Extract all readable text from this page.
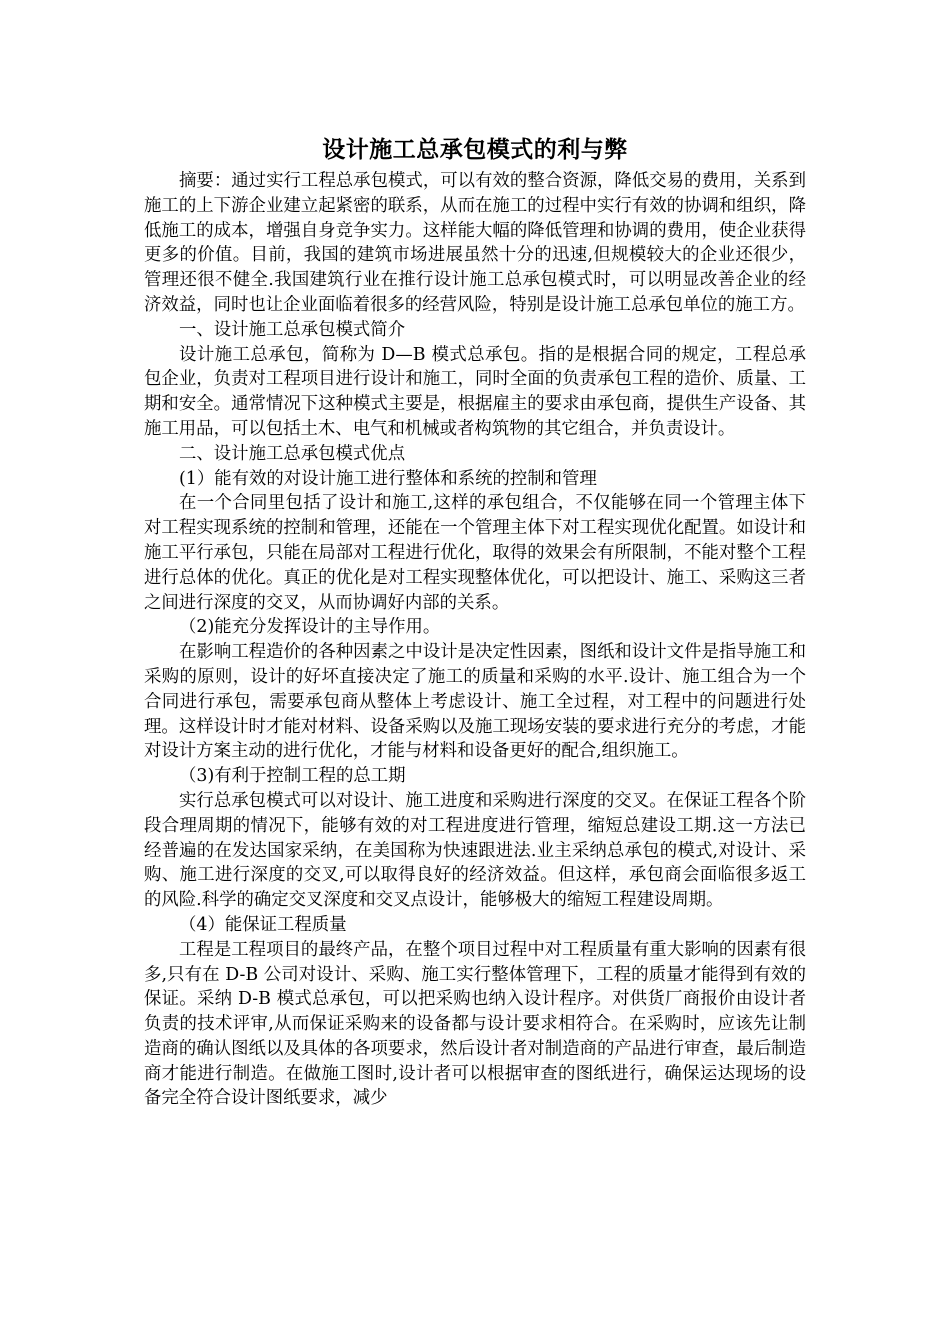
设计施工总承包模式的利与弊

摘要：通过实行工程总承包模式，可以有效的整合资源，降低交易的费用，关系到施工的上下游企业建立起紧密的联系，从而在施工的过程中实行有效的协调和组织，降低施工的成本，增强自身竞争实力。这样能大幅的降低管理和协调的费用，使企业获得更多的价值。目前，我国的建筑市场进展虽然十分的迅速,但规模较大的企业还很少，管理还很不健全.我国建筑行业在推行设计施工总承包模式时，可以明显改善企业的经济效益，同时也让企业面临着很多的经营风险，特别是设计施工总承包单位的施工方。

一、设计施工总承包模式简介

设计施工总承包，简称为 D—B 模式总承包。指的是根据合同的规定，工程总承包企业，负责对工程项目进行设计和施工，同时全面的负责承包工程的造价、质量、工期和安全。通常情况下这种模式主要是，根据雇主的要求由承包商，提供生产设备、其施工用品，可以包括土木、电气和机械或者构筑物的其它组合，并负责设计。

二、设计施工总承包模式优点

(1）能有效的对设计施工进行整体和系统的控制和管理

在一个合同里包括了设计和施工,这样的承包组合，不仅能够在同一个管理主体下对工程实现系统的控制和管理，还能在一个管理主体下对工程实现优化配置。如设计和施工平行承包，只能在局部对工程进行优化，取得的效果会有所限制，不能对整个工程进行总体的优化。真正的优化是对工程实现整体优化，可以把设计、施工、采购这三者之间进行深度的交叉，从而协调好内部的关系。

（2)能充分发挥设计的主导作用。

在影响工程造价的各种因素之中设计是决定性因素，图纸和设计文件是指导施工和采购的原则，设计的好坏直接决定了施工的质量和采购的水平.设计、施工组合为一个合同进行承包，需要承包商从整体上考虑设计、施工全过程，对工程中的问题进行处理。这样设计时才能对材料、设备采购以及施工现场安装的要求进行充分的考虑，才能对设计方案主动的进行优化，才能与材料和设备更好的配合,组织施工。

（3)有利于控制工程的总工期

实行总承包模式可以对设计、施工进度和采购进行深度的交叉。在保证工程各个阶段合理周期的情况下，能够有效的对工程进度进行管理，缩短总建设工期.这一方法已经普遍的在发达国家采纳，在美国称为快速跟进法.业主采纳总承包的模式,对设计、采购、施工进行深度的交叉,可以取得良好的经济效益。但这样，承包商会面临很多返工的风险.科学的确定交叉深度和交叉点设计，能够极大的缩短工程建设周期。

（4）能保证工程质量

工程是工程项目的最终产品，在整个项目过程中对工程质量有重大影响的因素有很多,只有在 D-B 公司对设计、采购、施工实行整体管理下，工程的质量才能得到有效的保证。采纳 D-B 模式总承包，可以把采购也纳入设计程序。对供货厂商报价由设计者负责的技术评审,从而保证采购来的设备都与设计要求相符合。在采购时，应该先让制造商的确认图纸以及具体的各项要求，然后设计者对制造商的产品进行审查，最后制造商才能进行制造。在做施工图时,设计者可以根据审查的图纸进行，确保运达现场的设备完全符合设计图纸要求，减少
